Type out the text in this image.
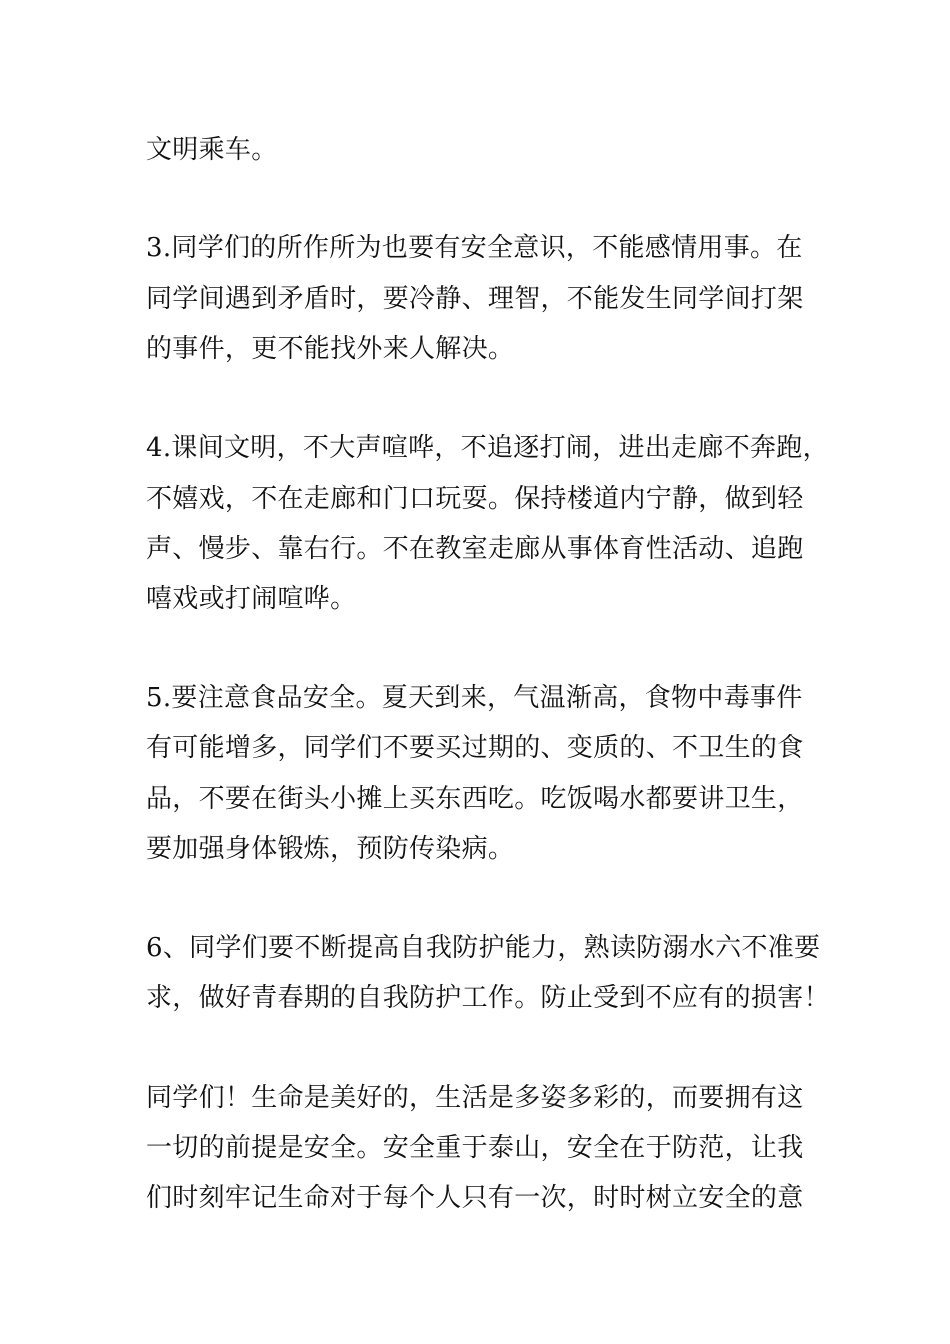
文明乘车。
3.同学们的所作所为也要有安全意识，不能感情用事。在
同学间遇到矛盾时，要冷静、理智，不能发生同学间打架
的事件，更不能找外来人解决。
4.课间文明，不大声喧哗，不追逐打闹，进出走廊不奔跑，
不嬉戏，不在走廊和门口玩耍。保持楼道内宁静，做到轻
声、慢步、靠右行。不在教室走廊从事体育性活动、追跑
嘻戏或打闹喧哗。
5.要注意食品安全。夏天到来，气温渐高，食物中毒事件
有可能增多，同学们不要买过期的、变质的、不卫生的食
品，不要在街头小摊上买东西吃。吃饭喝水都要讲卫生，
要加强身体锻炼，预防传染病。
6、同学们要不断提高自我防护能力，熟读防溺水六不准要
求，做好青春期的自我防护工作。防止受到不应有的损害！
同学们！生命是美好的，生活是多姿多彩的，而要拥有这
一切的前提是安全。安全重于泰山，安全在于防范，让我
们时刻牢记生命对于每个人只有一次，时时树立安全的意
